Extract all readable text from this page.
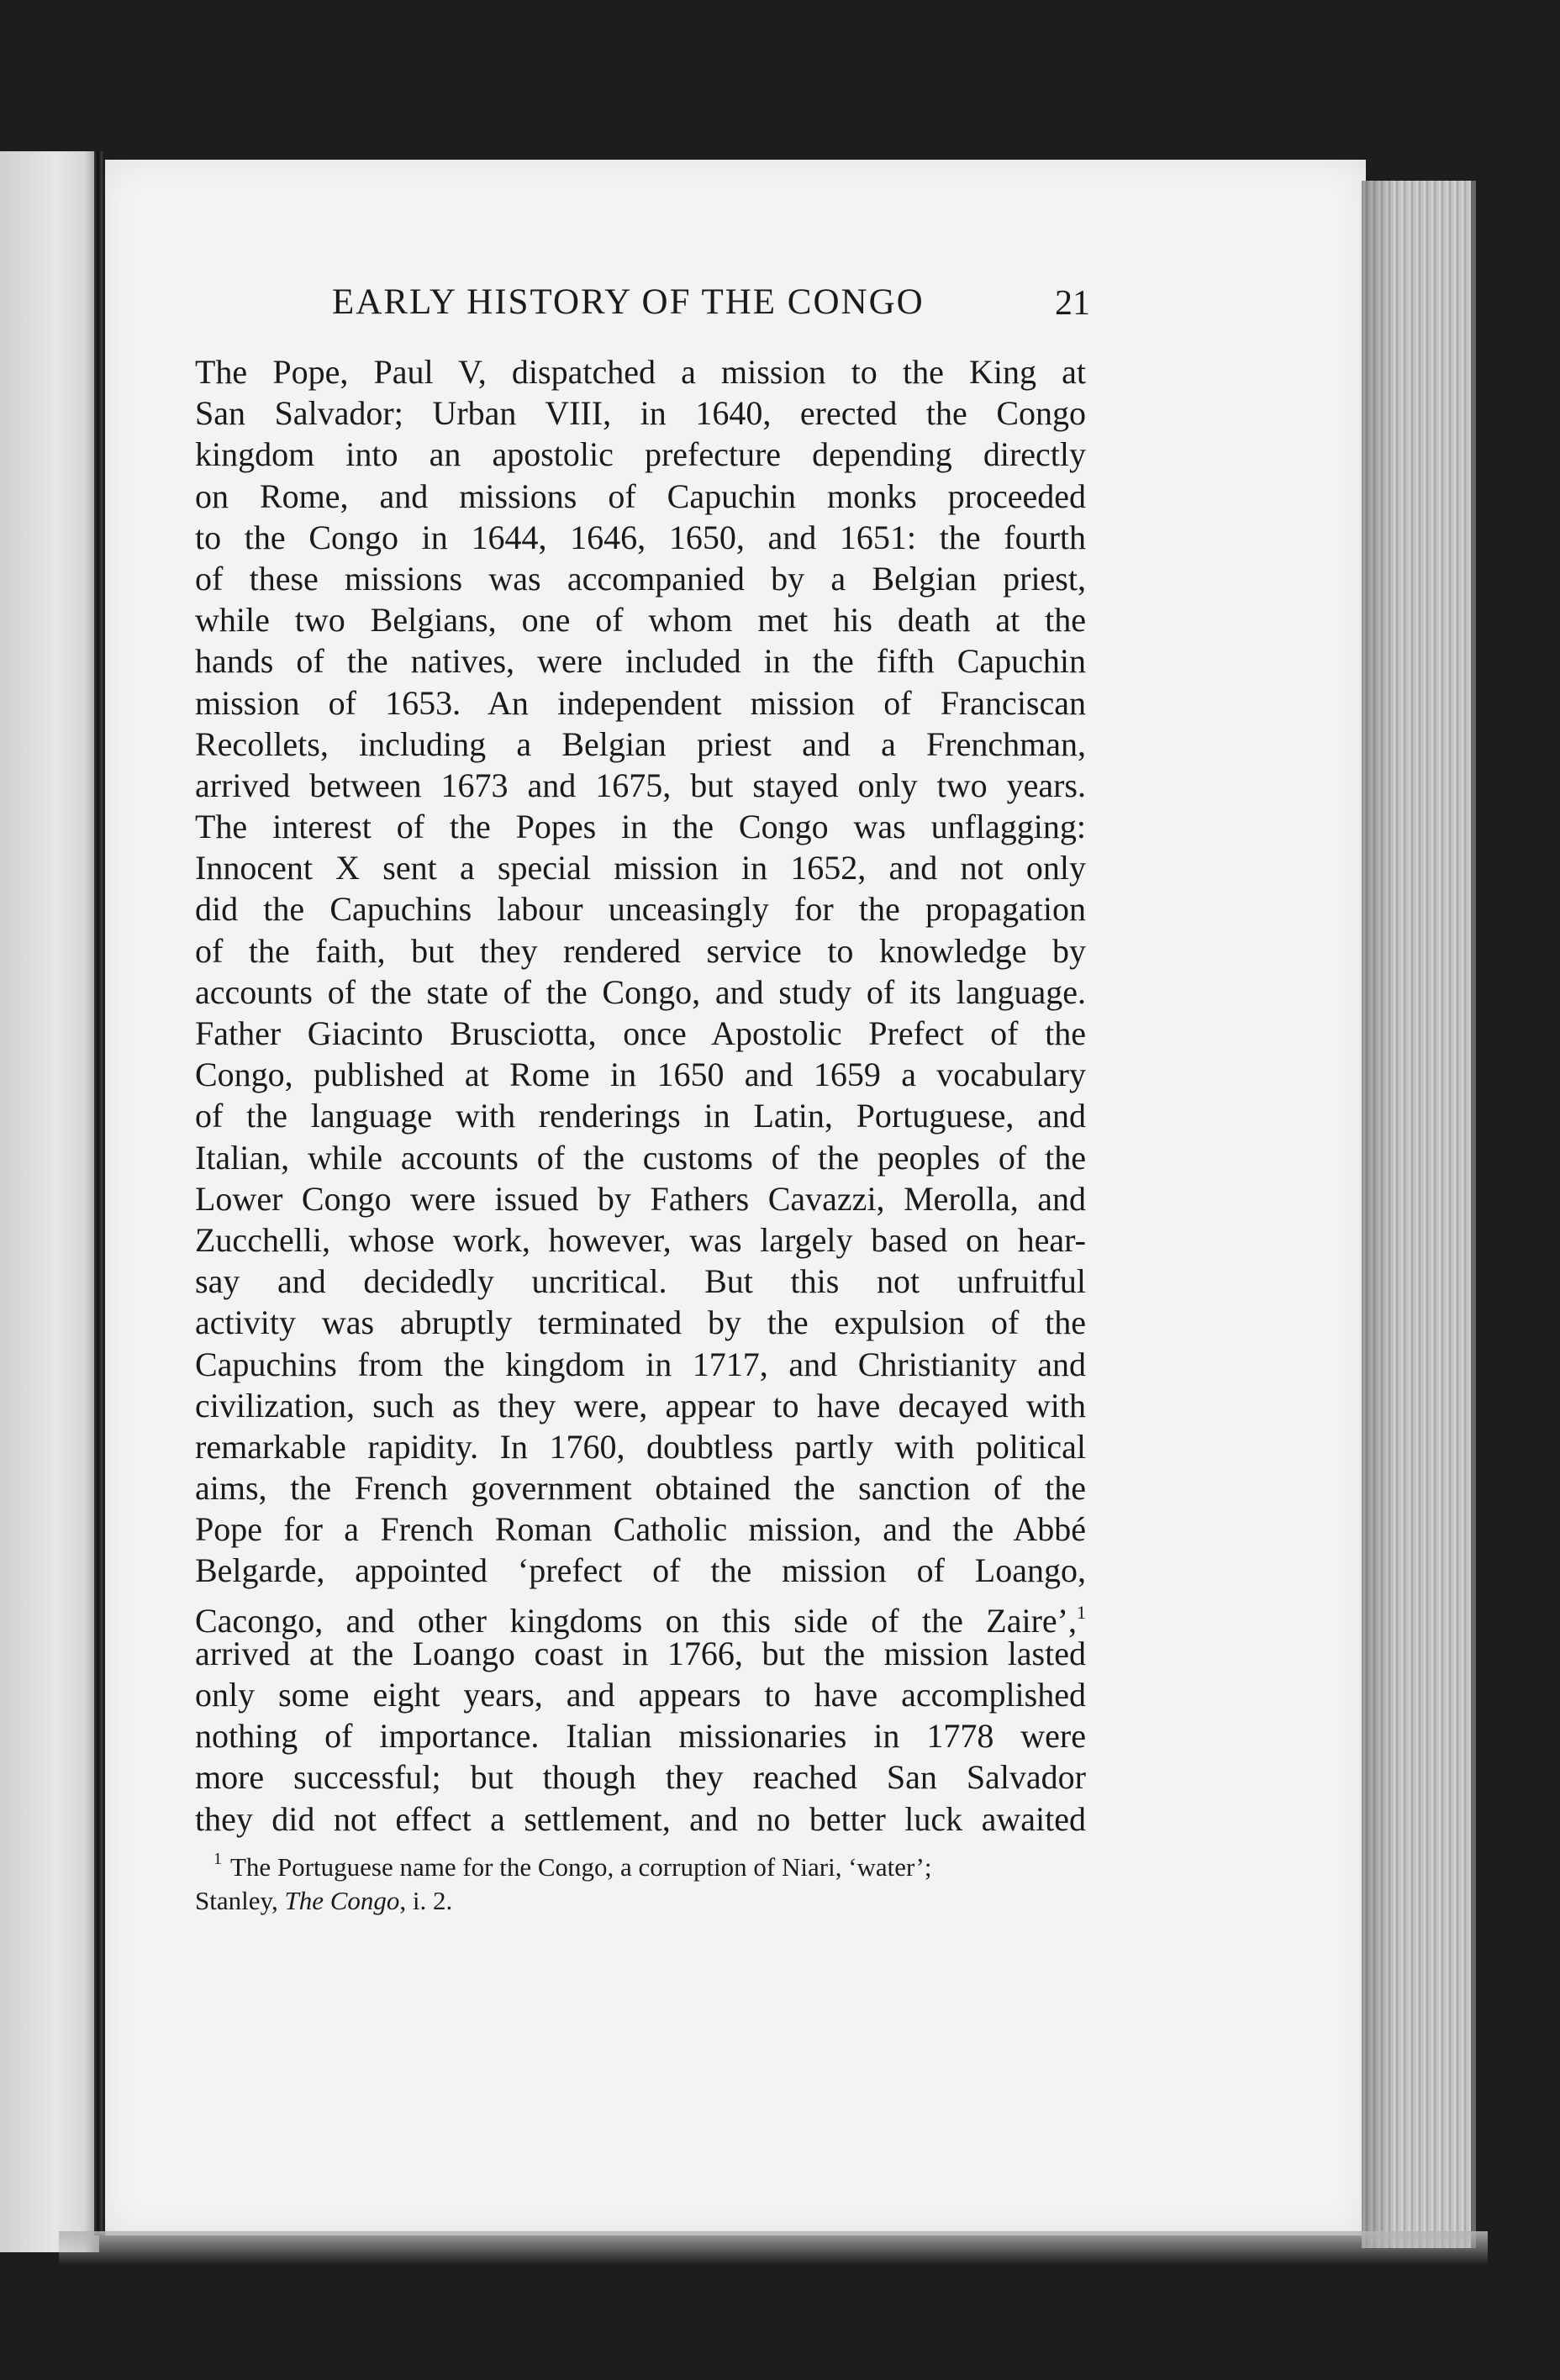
EARLY HISTORY OF THE CONGO	21
The Pope, Paul V, dispatched a mission to the King at
San Salvador; Urban VIII, in 1640, erected the Congo
kingdom into an apostolic prefecture depending directly
on Rome, and missions of Capuchin monks proceeded
to the Congo in 1644, 1646, 1650, and 1651: the fourth
of these missions was accompanied by a Belgian priest,
while two Belgians, one of whom met his death at the
hands of the natives, were included in the fifth Capuchin
mission of 1653. An independent mission of Franciscan
Recollets, including a Belgian priest and a Frenchman,
arrived between 1673 and 1675, but stayed only two years.
The interest of the Popes in the Congo was unflagging:
Innocent X sent a special mission in 1652, and not only
did the Capuchins labour unceasingly for the propagation
of the faith, but they rendered service to knowledge by
accounts of the state of the Congo, and study of its language.
Father Giacinto Brusciotta, once Apostolic Prefect of the
Congo, published at Rome in 1650 and 1659 a vocabulary
of the language with renderings in Latin, Portuguese, and
Italian, while accounts of the customs of the peoples of the
Lower Congo were issued by Fathers Cavazzi, Merolla, and
Zucchelli, whose work, however, was largely based on hear-
say and decidedly uncritical. But this not unfruitful
activity was abruptly terminated by the expulsion of the
Capuchins from the kingdom in 1717, and Christianity and
civilization, such as they were, appear to have decayed with
remarkable rapidity. In 1760, doubtless partly with political
aims, the French government obtained the sanction of the
Pope for a French Roman Catholic mission, and the Abbé
Belgarde, appointed ‘prefect of the mission of Loango,
Cacongo, and other kingdoms on this side of the Zaire’,$^1$
arrived at the Loango coast in 1766, but the mission lasted
only some eight years, and appears to have accomplished
nothing of importance. Italian missionaries in 1778 were
more successful; but though they reached San Salvador
they did not effect a settlement, and no better luck awaited
$^1$ The Portuguese name for the Congo, a corruption of Niari, ‘water’;
Stanley, The Congo, i. 2.
